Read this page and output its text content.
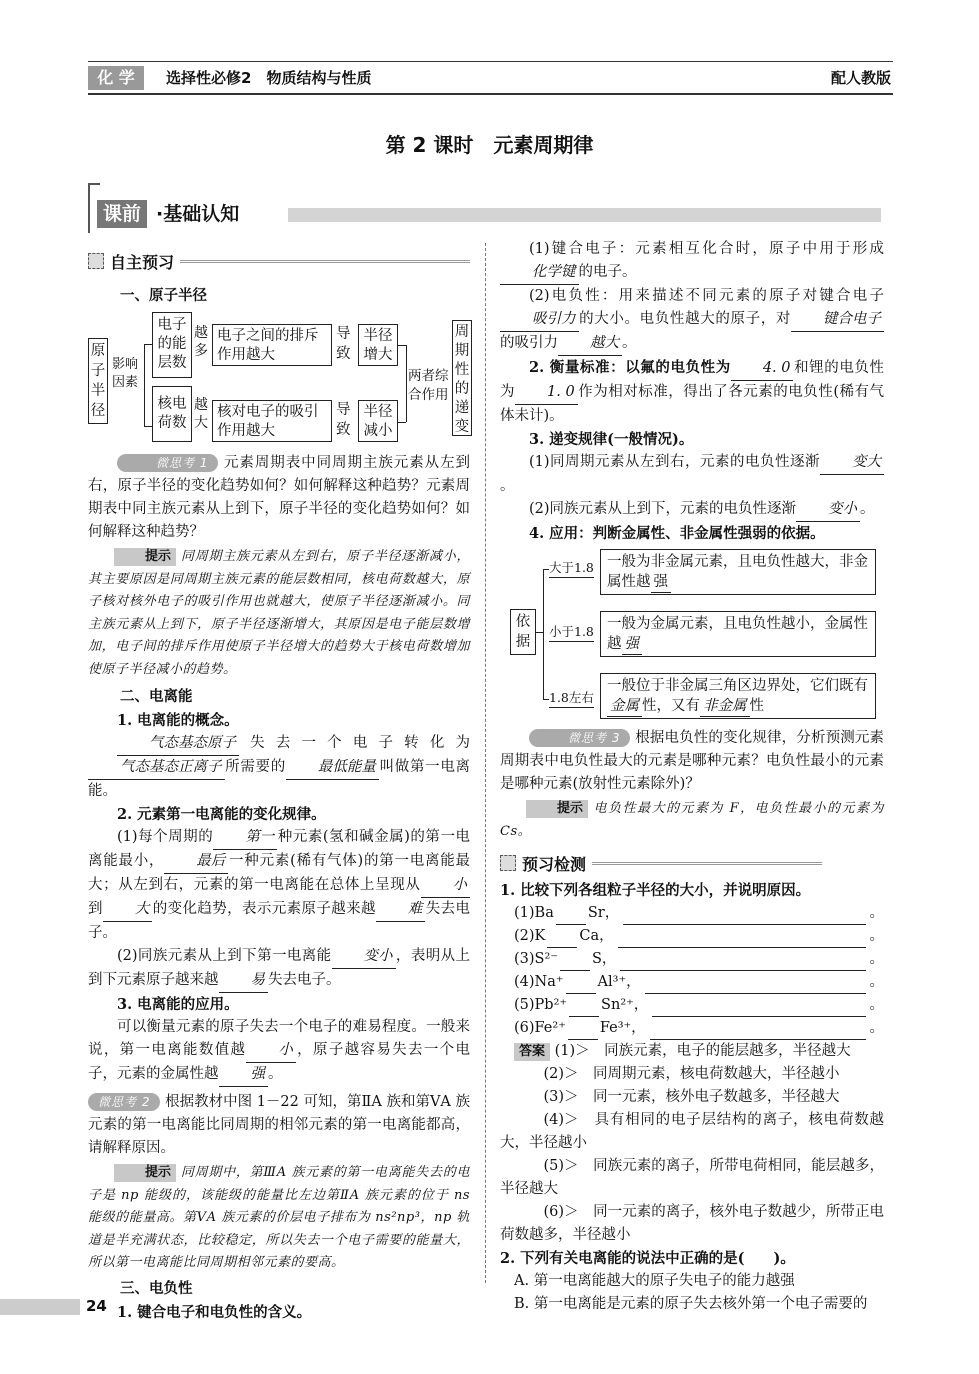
化 学	选择性必修2　物质结构与性质	配人教版
第 2 课时　元素周期律
课前 ·基础认知
自主预习

一、原子半径

原子半径
影响因素
电子的能层数
越多
电子之间的排斥作用越大
导致
半径增大
两者综合作用
周期性的递变
核电荷数
越大
核对电子的吸引作用越大
导致
半径减小

微思考 1 元素周期表中同周期主族元素从左到右，原子半径的变化趋势如何？如何解释这种趋势？元素周期表中同主族元素从上到下，原子半径的变化趋势如何？如何解释这种趋势？

提示 同周期主族元素从左到右，原子半径逐渐减小，其主要原因是同周期主族元素的能层数相同，核电荷数越大，原子核对核外电子的吸引作用也就越大，使原子半径逐渐减小。同主族元素从上到下，原子半径逐渐增大，其原因是电子能层数增加，电子间的排斥作用使原子半径增大的趋势大于核电荷数增加使原子半径减小的趋势。

二、电离能

1. 电离能的概念。

气态基态原子 失去一个电子转化为气态基态正离子 所需要的 最低能量 叫做第一电离能。

2. 元素第一电离能的变化规律。

(1)每个周期的 第一 种元素(氢和碱金属)的第一电离能最小， 最后 一种元素(稀有气体)的第一电离能最大；从左到右，元素的第一电离能在总体上呈现从 小到 大 的变化趋势，表示元素原子越来越 难 失去电子。

(2)同族元素从上到下第一电离能 变小 ，表明从上到下元素原子越来越 易 失去电子。

3. 电离能的应用。

可以衡量元素的原子失去一个电子的难易程度。一般来说，第一电离能数值越 小 ，原子越容易失去一个电子，元素的金属性越 强 。

微思考 2 根据教材中图 1－22 可知，第ⅡA 族和第ⅤA 族元素的第一电离能比同周期的相邻元素的第一电离能都高，请解释原因。

提示 同周期中，第ⅢA 族元素的第一电离能失去的电子是 np 能级的，该能级的能量比左边第ⅡA 族元素的位于 ns 能级的能量高。第ⅤA 族元素的价层电子排布为 ns²np³，np 轨道是半充满状态，比较稳定，所以失去一个电子需要的能量大，所以第一电离能比同周期相邻元素的要高。

三、电负性

1. 键合电子和电负性的含义。

(1)键合电子：元素相互化合时，原子中用于形成化学键 的电子。

(2)电负性：用来描述不同元素的原子对键合电子吸引力 的大小。电负性越大的原子，对 键合电子的吸引力 越大 。

2. 衡量标准：以氟的电负性为 4. 0 和锂的电负性为 1. 0 作为相对标准，得出了各元素的电负性(稀有气体未计)。

3. 递变规律(一般情况)。

(1)同周期元素从左到右，元素的电负性逐渐 变大。

(2)同族元素从上到下，元素的电负性逐渐 变小 。

4. 应用：判断金属性、非金属性强弱的依据。

依据
大于1.8 一般为非金属元素，且电负性越大，非金属性越 强
小于1.8 一般为金属元素，且电负性越小，金属性越 强
1.8左右
一般位于非金属三角区边界处，它们既有金属 性，又有 非金属 性

微思考 3 根据电负性的变化规律，分析预测元素周期表中电负性最大的元素是哪种元素？电负性最小的元素是哪种元素(放射性元素除外)？

提示 电负性最大的元素为 F，电负性最小的元素为 Cs。

预习检测

1. 比较下列各组粒子半径的大小，并说明原因。

(1)Ba Sr，	。

(2)K Ca，	。

(3)S²⁻ S，	。

(4)Na⁺ Al³⁺，	。

(5)Pb²⁺ Sn²⁺，	。

(6)Fe²⁺ Fe³⁺，	。

答案 (1)＞　同族元素，电子的能层越多，半径越大

(2)＞　同周期元素，核电荷数越大，半径越小

(3)＞　同一元素，核外电子数越多，半径越大

(4)＞　具有相同的电子层结构的离子，核电荷数越大，半径越小

(5)＞　同族元素的离子，所带电荷相同，能层越多，半径越大

(6)＞　同一元素的离子，核外电子数越少，所带正电荷数越多，半径越小

2. 下列有关电离能的说法中正确的是(　　)。

A. 第一电离能越大的原子失电子的能力越强

B. 第一电离能是元素的原子失去核外第一个电子需要的

24
